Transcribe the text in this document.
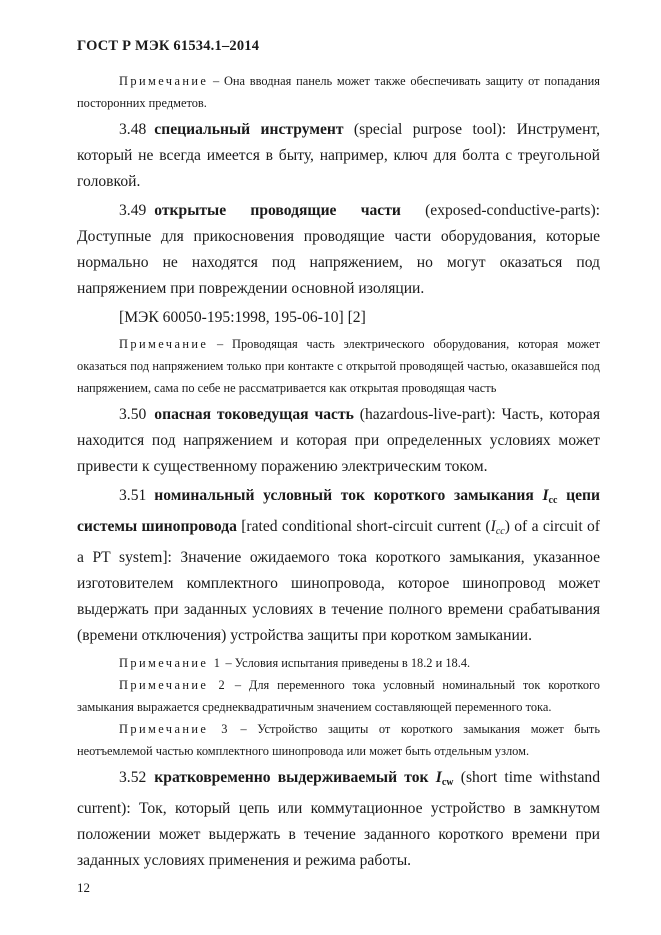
ГОСТ Р МЭК 61534.1–2014

Примечание – Она вводная панель может также обеспечивать защиту от попадания посторонних предметов.

3.48 специальный инструмент (special purpose tool): Инструмент, который не всегда имеется в быту, например, ключ для болта с треугольной головкой.

3.49 открытые проводящие части (exposed-conductive-parts): Доступные для прикосновения проводящие части оборудования, которые нормально не находятся под напряжением, но могут оказаться под напряжением при повреждении основной изоляции.

[МЭК 60050-195:1998, 195-06-10] [2]

Примечание – Проводящая часть электрического оборудования, которая может оказаться под напряжением только при контакте с открытой проводящей частью, оказавшейся под напряжением, сама по себе не рассматривается как открытая проводящая часть

3.50 опасная токоведущая часть (hazardous-live-part): Часть, которая находится под напряжением и которая при определенных условиях может привести к существенному поражению электрическим током.

3.51 номинальный условный ток короткого замыкания $I_{cc}$ цепи системы шинопровода [rated conditional short-circuit current (Icc) of a circuit of a PT system]: Значение ожидаемого тока короткого замыкания, указанное изготовителем комплектного шинопровода, которое шинопровод может выдержать при заданных условиях в течение полного времени срабатывания (времени отключения) устройства защиты при коротком замыкании.

Примечание 1 – Условия испытания приведены в 18.2 и 18.4.

Примечание 2 – Для переменного тока условный номинальный ток короткого замыкания выражается среднеквадратичным значением составляющей переменного тока.

Примечание 3 – Устройство защиты от короткого замыкания может быть неотъемлемой частью комплектного шинопровода или может быть отдельным узлом.

3.52 кратковременно выдерживаемый ток $I_{cw}$ (short time withstand current): Ток, который цепь или коммутационное устройство в замкнутом положении может выдержать в течение заданного короткого времени при заданных условиях применения и режима работы.

12
